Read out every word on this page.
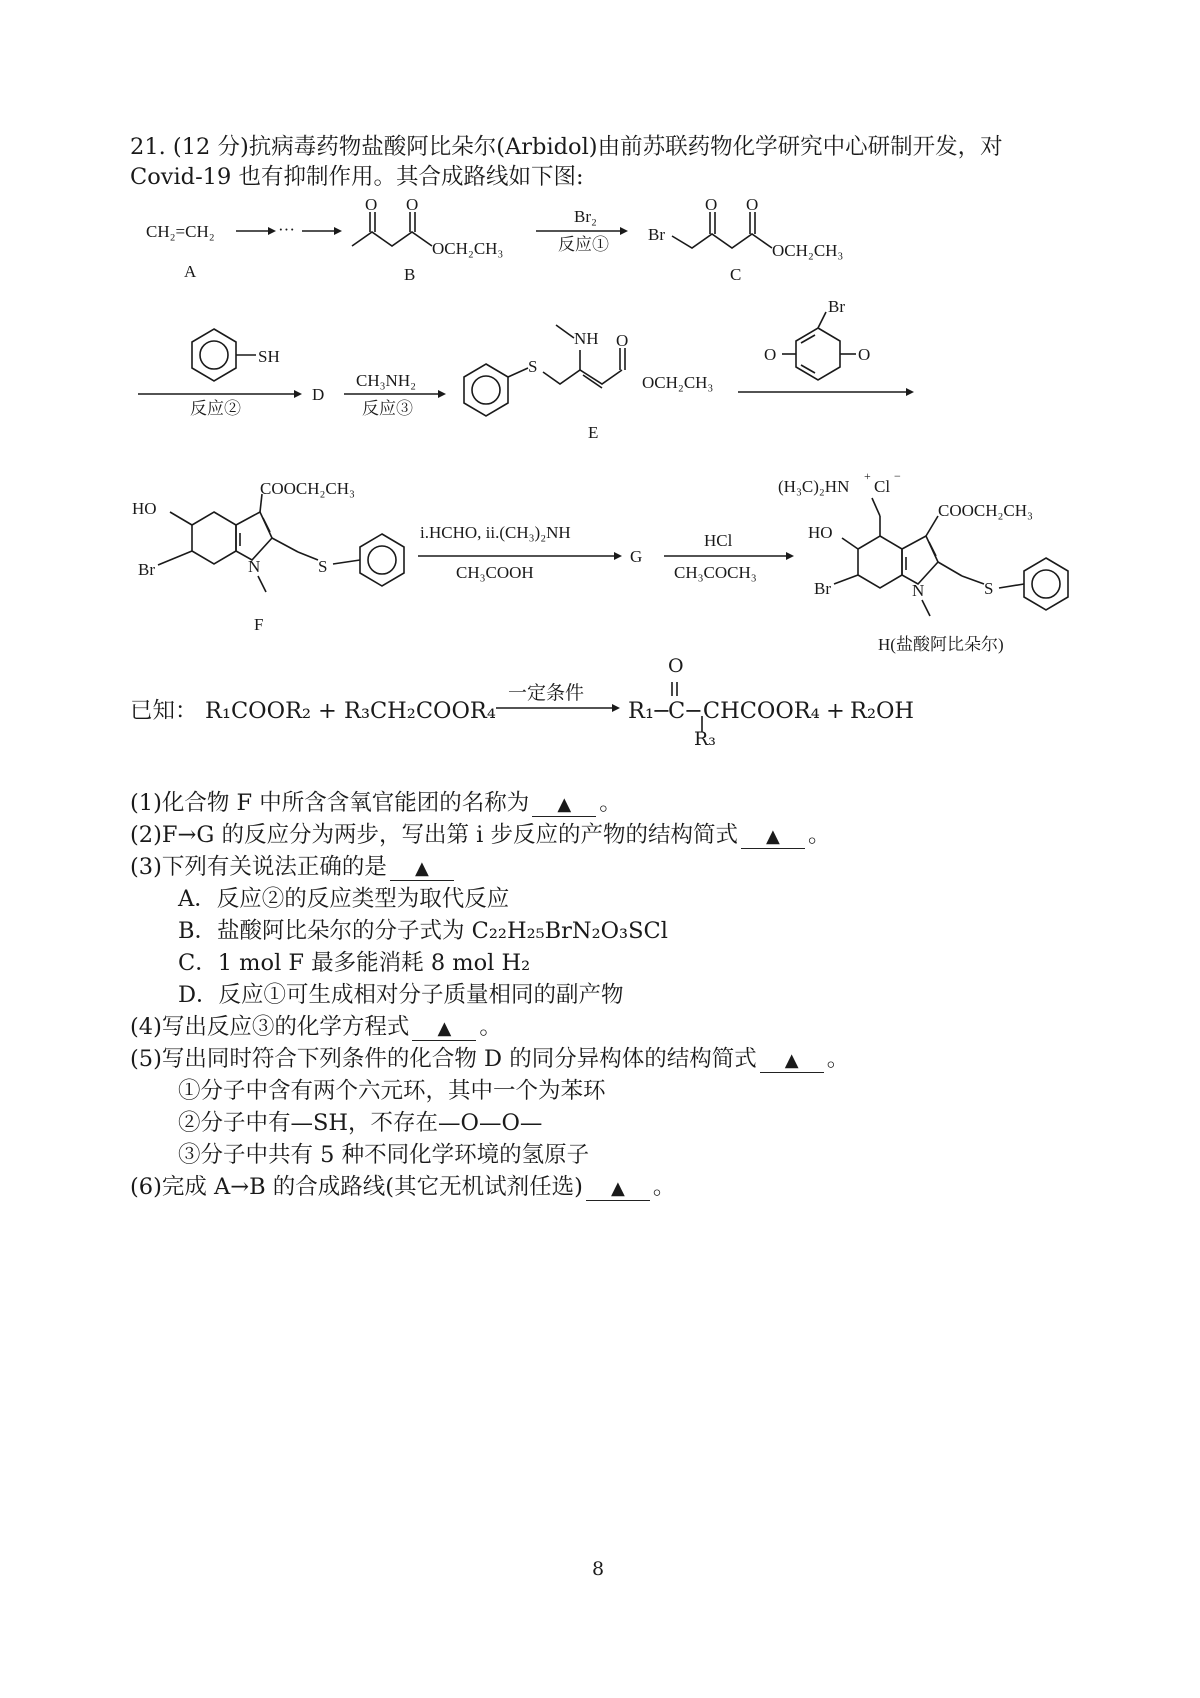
21. (12 分)抗病毒药物盐酸阿比朵尔(Arbidol)由前苏联药物化学研究中心研制开发，对
Covid-19 也有抑制作用。其合成路线如下图:
CH₂=CH₂	···
A
O O
OCH₂CH₃
B
Br₂
反应①
Br
O O
OCH₂CH₃
C
SH
反应②
D
CH₃NH₂
反应③
S
NH O
OCH₂CH₃
E
Br
O	O
COOCH₂CH₃
HO
Br	N	S
F
i.HCHO, ii.(CH₃)₂NH
CH₃COOH
G
HCl
CH₃COCH₃
(H₃C)₂HN
+
Cl
−
COOCH₂CH₃
HO
Br	N	S
H(盐酸阿比朵尔)
已知： R₁COOR₂ + R₃CH₂COOR₄
一定条件
R₁
−
C
−CHCOOR₄ + R₂OH
O
R₃
(1)化合物 F 中所含含氧官能团的名称为 ▲ 。
(2)F→G 的反应分为两步，写出第 i 步反应的产物的结构简式 ▲ 。
(3)下列有关说法正确的是 ▲
A．反应②的反应类型为取代反应
B．盐酸阿比朵尔的分子式为 C₂₂H₂₅BrN₂O₃SCl
C．1 mol F 最多能消耗 8 mol H₂
D．反应①可生成相对分子质量相同的副产物
(4)写出反应③的化学方程式 ▲ 。
(5)写出同时符合下列条件的化合物 D 的同分异构体的结构简式 ▲ 。
①分子中含有两个六元环，其中一个为苯环
②分子中有—SH，不存在—O—O—
③分子中共有 5 种不同化学环境的氢原子
(6)完成 A→B 的合成路线(其它无机试剂任选) ▲ 。
8
